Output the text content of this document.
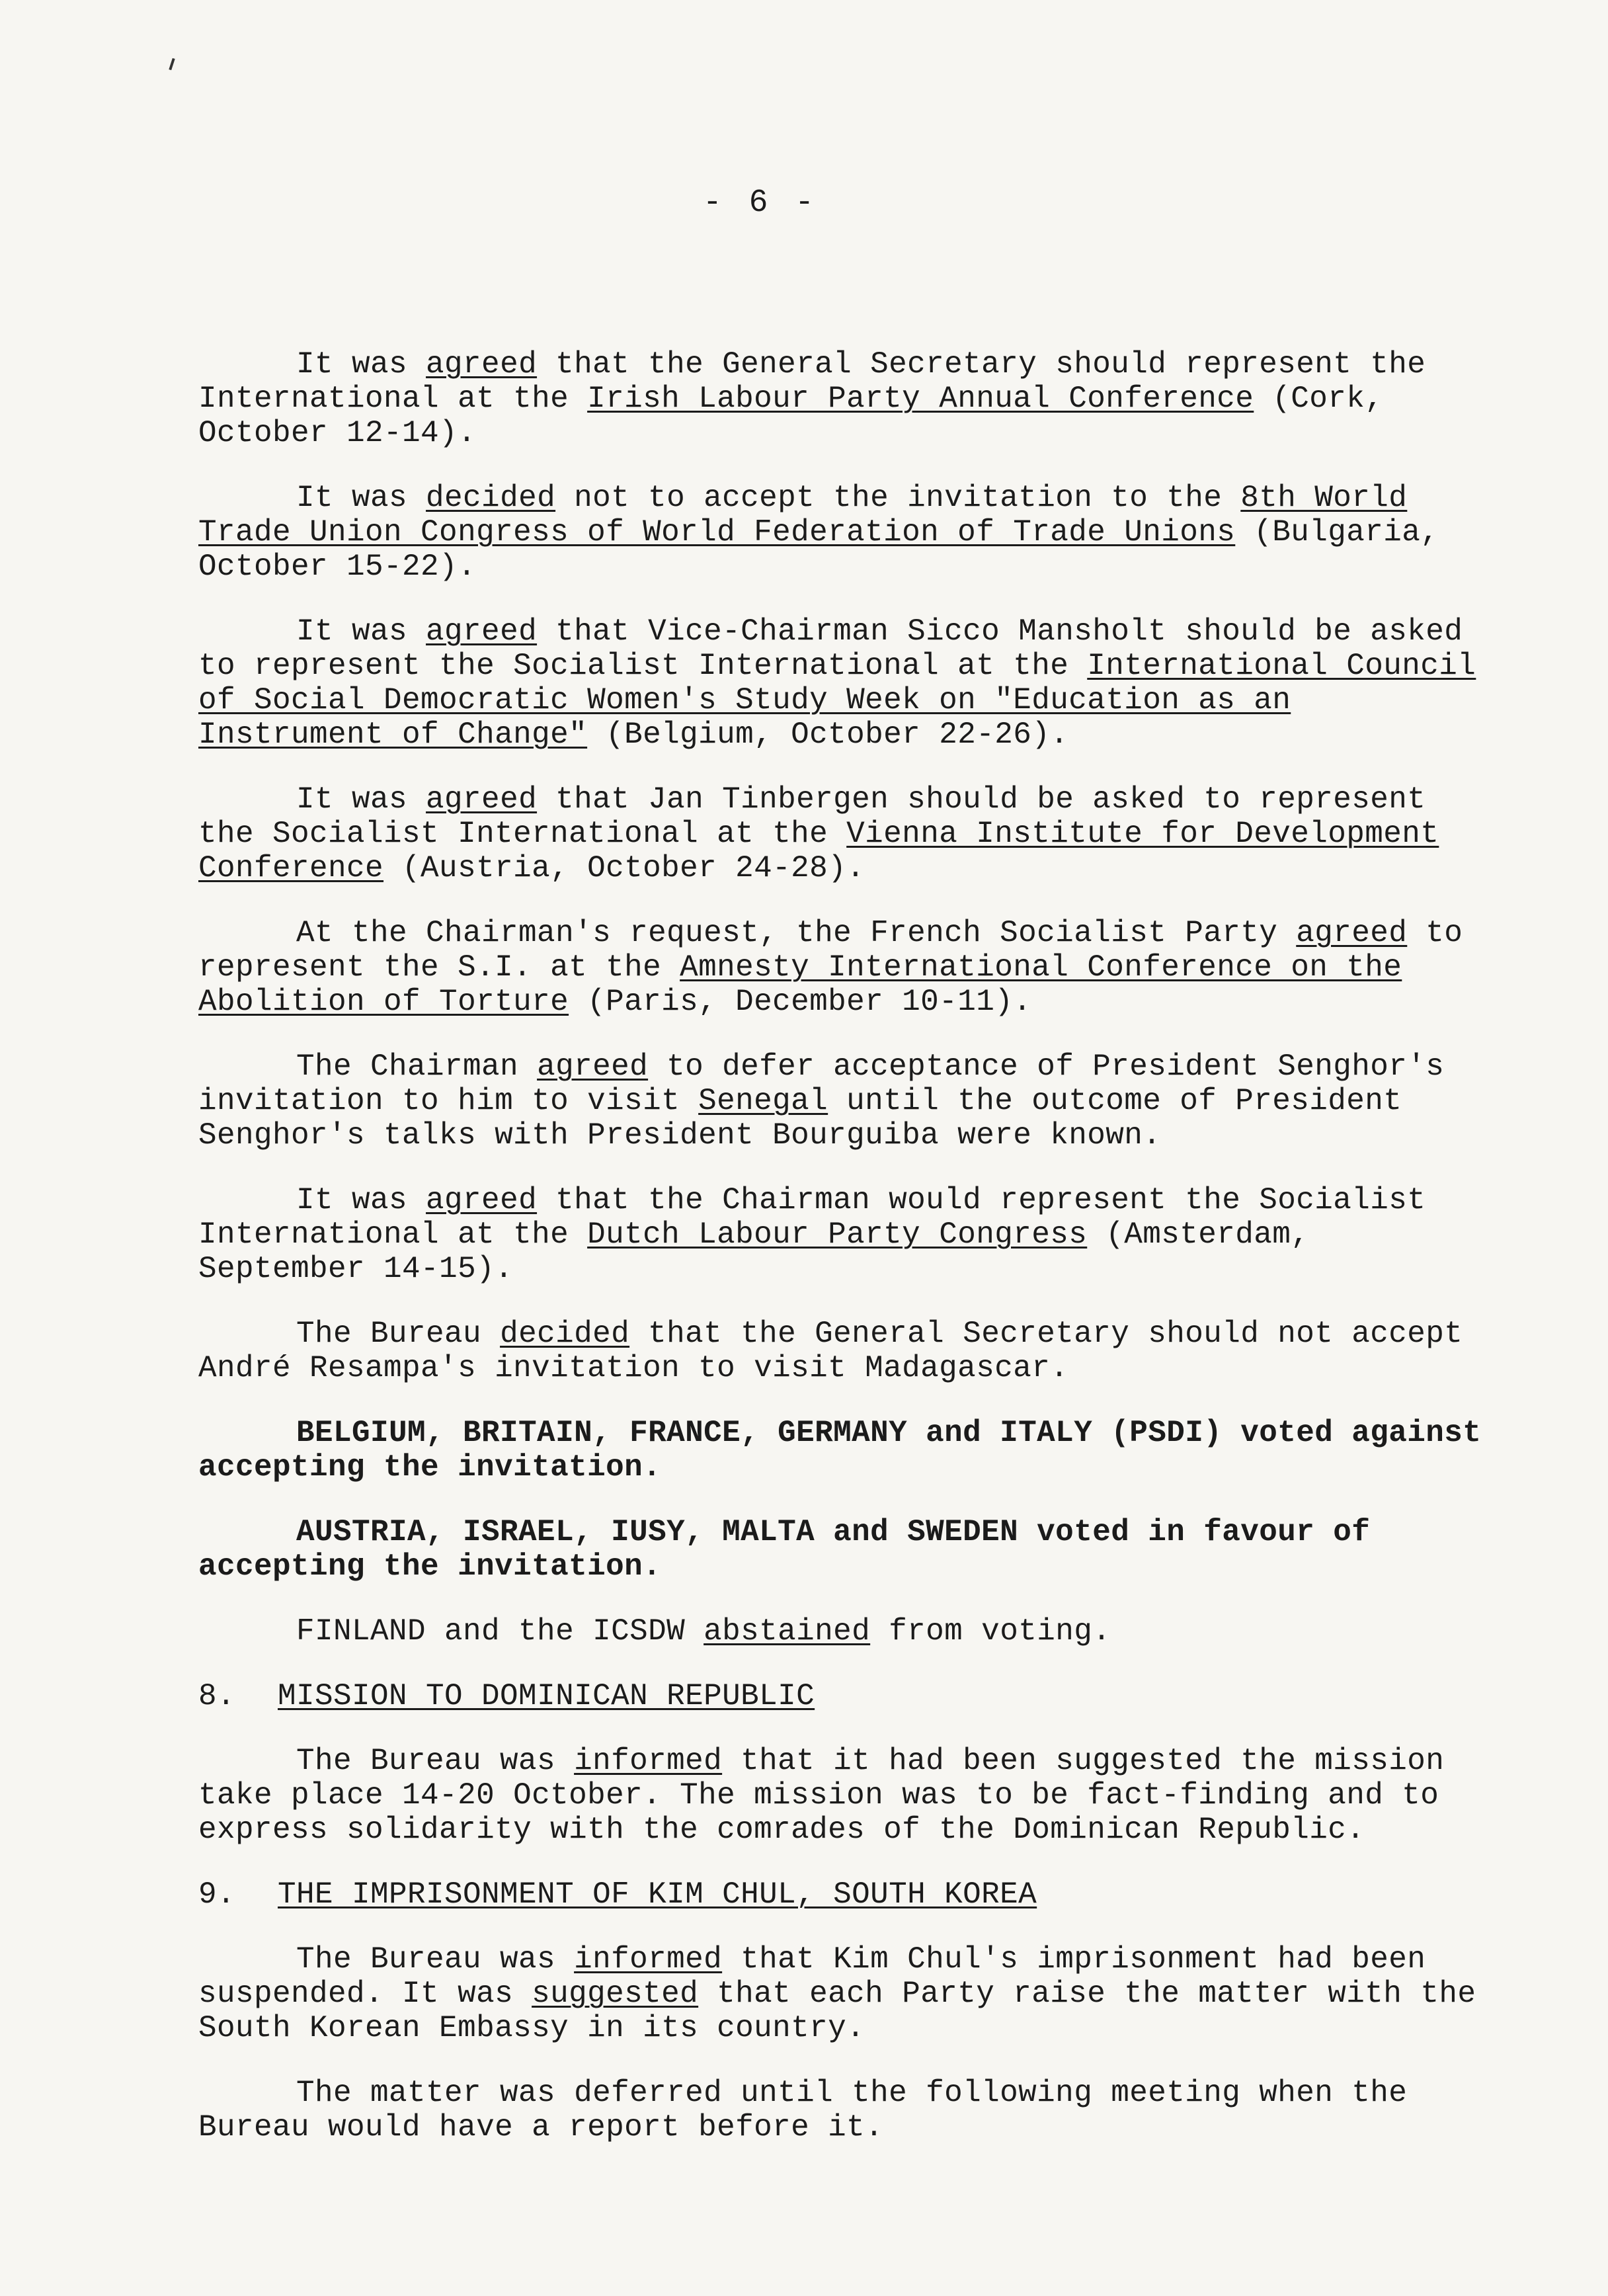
- 6 -

It was agreed that the General Secretary should represent the International at the Irish Labour Party Annual Conference (Cork, October 12-14).

It was decided not to accept the invitation to the 8th World Trade Union Congress of World Federation of Trade Unions (Bulgaria, October 15-22).

It was agreed that Vice-Chairman Sicco Mansholt should be asked to represent the Socialist International at the International Council of Social Democratic Women's Study Week on "Education as an Instrument of Change" (Belgium, October 22-26).

It was agreed that Jan Tinbergen should be asked to represent the Socialist International at the Vienna Institute for Development Conference (Austria, October 24-28).

At the Chairman's request, the French Socialist Party agreed to represent the S.I. at the Amnesty International Conference on the Abolition of Torture (Paris, December 10-11).

The Chairman agreed to defer acceptance of President Senghor's invitation to him to visit Senegal until the outcome of President Senghor's talks with President Bourguiba were known.

It was agreed that the Chairman would represent the Socialist International at the Dutch Labour Party Congress (Amsterdam, September 14-15).

The Bureau decided that the General Secretary should not accept André Resampa's invitation to visit Madagascar.

BELGIUM, BRITAIN, FRANCE, GERMANY and ITALY (PSDI) voted against accepting the invitation.

AUSTRIA, ISRAEL, IUSY, MALTA and SWEDEN voted in favour of accepting the invitation.

FINLAND and the ICSDW abstained from voting.

8. MISSION TO DOMINICAN REPUBLIC

The Bureau was informed that it had been suggested the mission take place 14-20 October. The mission was to be fact-finding and to express solidarity with the comrades of the Dominican Republic.

9. THE IMPRISONMENT OF KIM CHUL, SOUTH KOREA

The Bureau was informed that Kim Chul's imprisonment had been suspended. It was suggested that each Party raise the matter with the South Korean Embassy in its country.

The matter was deferred until the following meeting when the Bureau would have a report before it.
